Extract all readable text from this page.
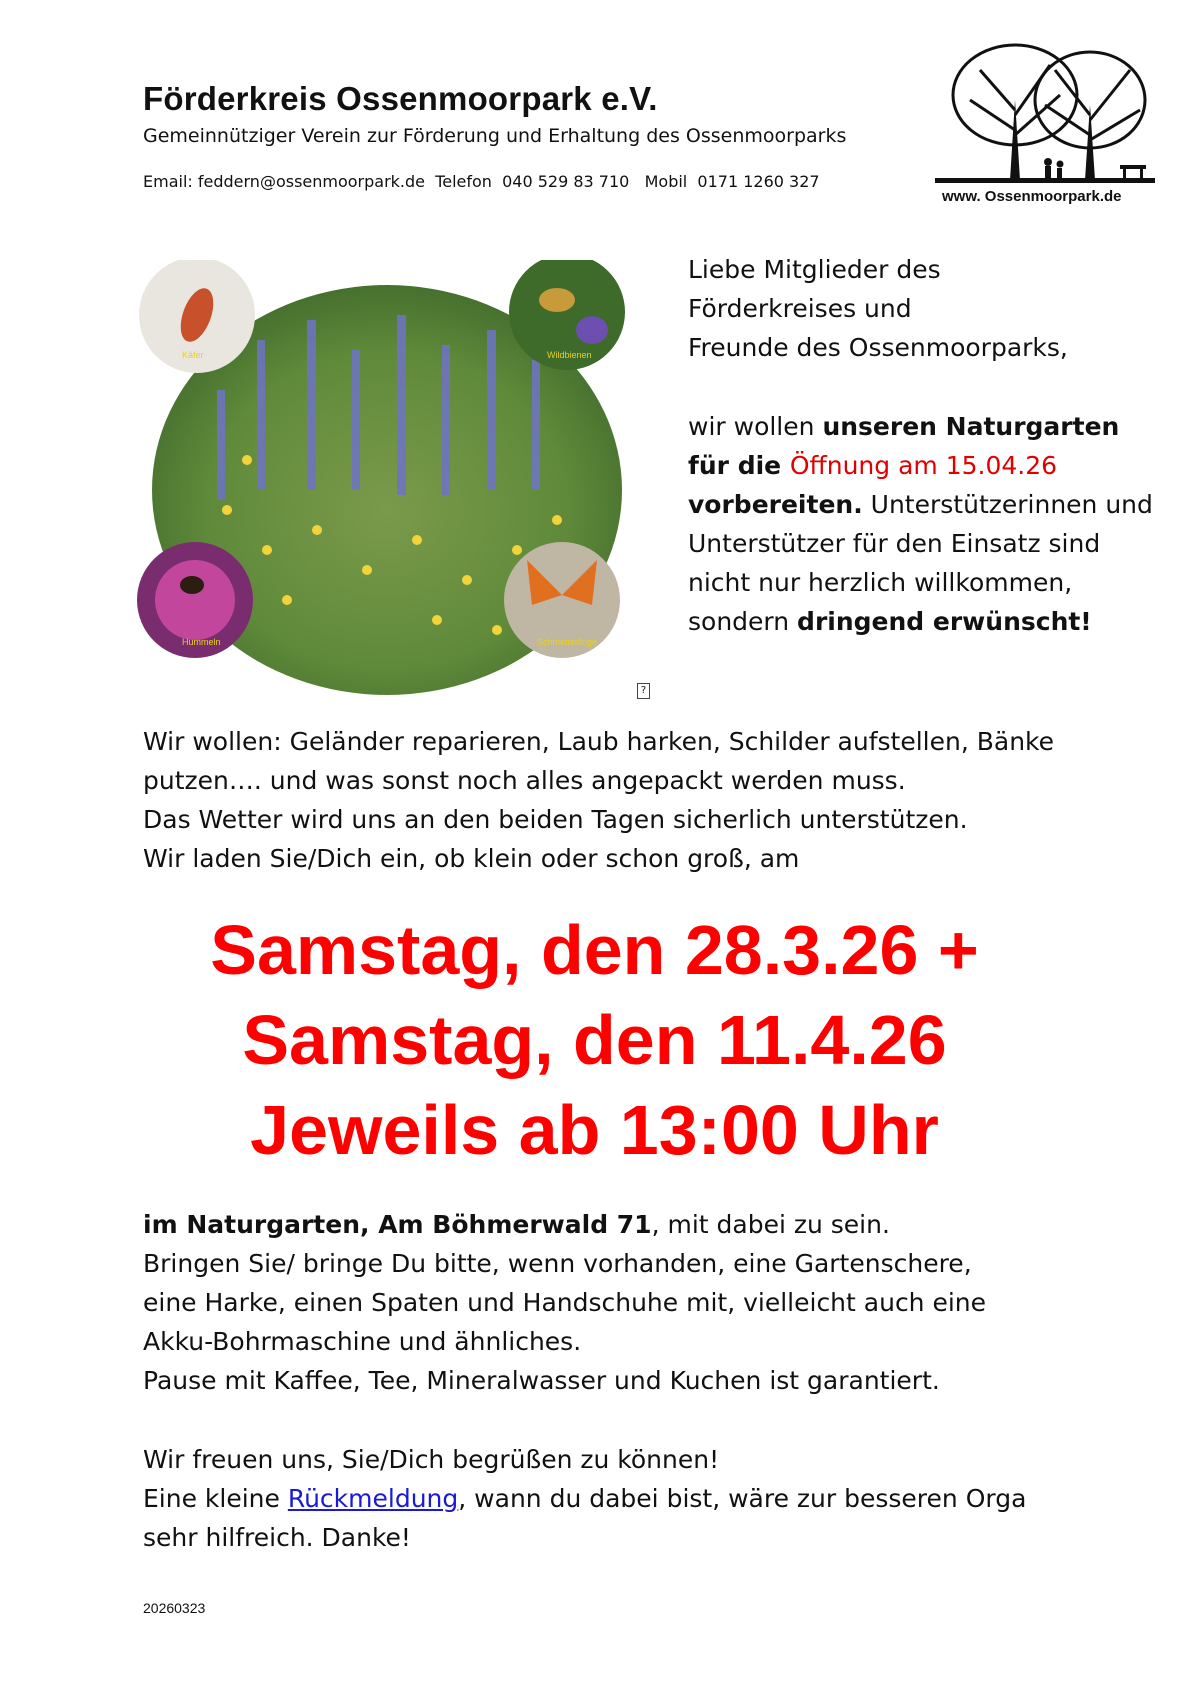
Förderkreis Ossenmoorpark e.V.
Gemeinnütziger Verein zur Förderung und Erhaltung des Ossenmoorparks
Email: feddern@ossenmoorpark.de  Telefon  040 529 83 710   Mobil  0171 1260 327
www. Ossenmoorpark.de
Käfer	Wildbienen
Hummeln	Schmetterlinge
?
Liebe Mitglieder des
Förderkreises und
Freunde des Ossenmoorparks,
wir wollen unseren Naturgarten
für die Öffnung am 15.04.26
vorbereiten. Unterstützerinnen und Unterstützer für den Einsatz sind nicht nur herzlich willkommen, sondern dringend erwünscht!
Wir wollen: Geländer reparieren, Laub harken, Schilder aufstellen, Bänke
putzen…. und was sonst noch alles angepackt werden muss.
Das Wetter wird uns an den beiden Tagen sicherlich unterstützen.
Wir laden Sie/Dich ein, ob klein oder schon groß, am
Samstag, den 28.3.26 +
Samstag, den 11.4.26
Jeweils ab 13:00 Uhr
im Naturgarten, Am Böhmerwald 71, mit dabei zu sein.
Bringen Sie/ bringe Du bitte, wenn vorhanden, eine Gartenschere,
eine Harke, einen Spaten und Handschuhe mit, vielleicht auch eine
Akku-Bohrmaschine und ähnliches.
Pause mit Kaffee, Tee, Mineralwasser und Kuchen ist garantiert.
Wir freuen uns, Sie/Dich begrüßen zu können!
Eine kleine Rückmeldung, wann du dabei bist, wäre zur besseren Orga
sehr hilfreich. Danke!
20260323
